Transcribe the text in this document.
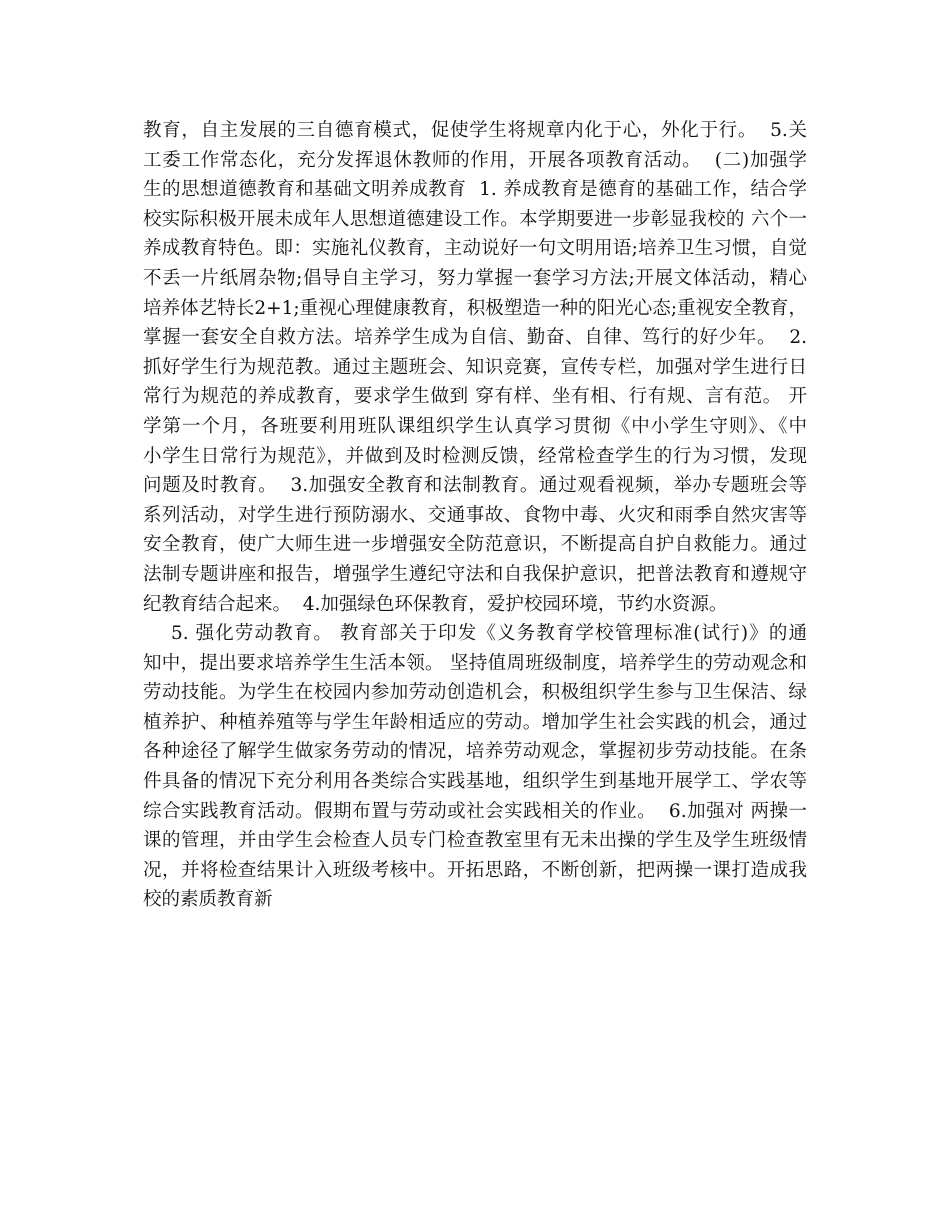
教育，自主发展的三自德育模式，促使学生将规章内化于心，外化于行。  5.关
工委工作常态化，充分发挥退休教师的作用，开展各项教育活动。  (二)加强学
生的思想道德教育和基础文明养成教育  1. 养成教育是德育的基础工作，结合学
校实际积极开展未成年人思想道德建设工作。本学期要进一步彰显我校的 六个一
养成教育特色。即：实施礼仪教育，主动说好一句文明用语;培养卫生习惯，自觉
不丢一片纸屑杂物;倡导自主学习，努力掌握一套学习方法;开展文体活动，精心
培养体艺特长2+1;重视心理健康教育，积极塑造一种的阳光心态;重视安全教育，
掌握一套安全自救方法。培养学生成为自信、勤奋、自律、笃行的好少年。  2.
抓好学生行为规范教。通过主题班会、知识竞赛，宣传专栏，加强对学生进行日
常行为规范的养成教育，要求学生做到 穿有样、坐有相、行有规、言有范。 开
学第一个月，各班要利用班队课组织学生认真学习贯彻《中小学生守则》、《中
小学生日常行为规范》，并做到及时检测反馈，经常检查学生的行为习惯，发现
问题及时教育。  3.加强安全教育和法制教育。通过观看视频，举办专题班会等
系列活动，对学生进行预防溺水、交通事故、食物中毒、火灾和雨季自然灾害等
安全教育，使广大师生进一步增强安全防范意识，不断提高自护自救能力。通过
法制专题讲座和报告，增强学生遵纪守法和自我保护意识，把普法教育和遵规守
纪教育结合起来。  4.加强绿色环保教育，爱护校园环境，节约水资源。
5. 强化劳动教育。 教育部关于印发《义务教育学校管理标准(试行)》的通
知中，提出要求培养学生生活本领。 坚持值周班级制度，培养学生的劳动观念和
劳动技能。为学生在校园内参加劳动创造机会，积极组织学生参与卫生保洁、绿
植养护、种植养殖等与学生年龄相适应的劳动。增加学生社会实践的机会，通过
各种途径了解学生做家务劳动的情况，培养劳动观念，掌握初步劳动技能。在条
件具备的情况下充分利用各类综合实践基地，组织学生到基地开展学工、学农等
综合实践教育活动。假期布置与劳动或社会实践相关的作业。  6.加强对 两操一
课的管理，并由学生会检查人员专门检查教室里有无未出操的学生及学生班级情
况，并将检查结果计入班级考核中。开拓思路，不断创新，把两操一课打造成我
校的素质教育新
